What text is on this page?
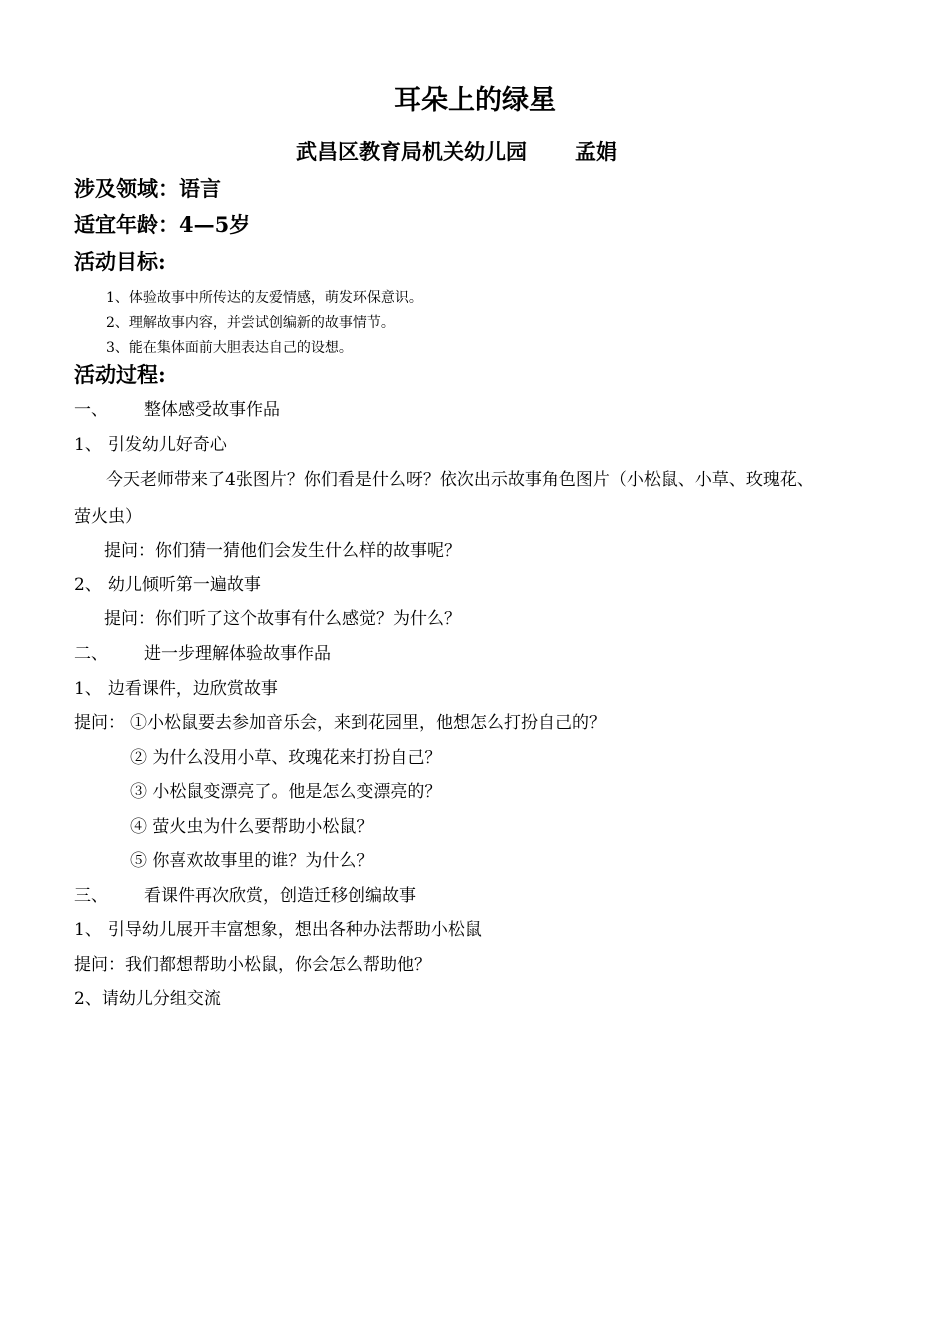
耳朵上的绿星
武昌区教育局机关幼儿园 孟娟
涉及领域：语言
适宜年龄：4—5岁
活动目标:
1、体验故事中所传达的友爱情感，萌发环保意识。
2、理解故事内容，并尝试创编新的故事情节。
3、能在集体面前大胆表达自己的设想。
活动过程:
一、 整体感受故事作品
1、 引发幼儿好奇心
今天老师带来了4张图片？你们看是什么呀？依次出示故事角色图片（小松鼠、小草、玫瑰花、
萤火虫）
提问：你们猜一猜他们会发生什么样的故事呢？
2、 幼儿倾听第一遍故事
提问：你们听了这个故事有什么感觉？为什么？
二、 进一步理解体验故事作品
1、 边看课件，边欣赏故事
提问： ①小松鼠要去参加音乐会，来到花园里，他想怎么打扮自己的？
② 为什么没用小草、玫瑰花来打扮自己？
③ 小松鼠变漂亮了。他是怎么变漂亮的？
④ 萤火虫为什么要帮助小松鼠？
⑤ 你喜欢故事里的谁？为什么？
三、 看课件再次欣赏，创造迁移创编故事
1、 引导幼儿展开丰富想象，想出各种办法帮助小松鼠
提问：我们都想帮助小松鼠，你会怎么帮助他？
2、请幼儿分组交流
